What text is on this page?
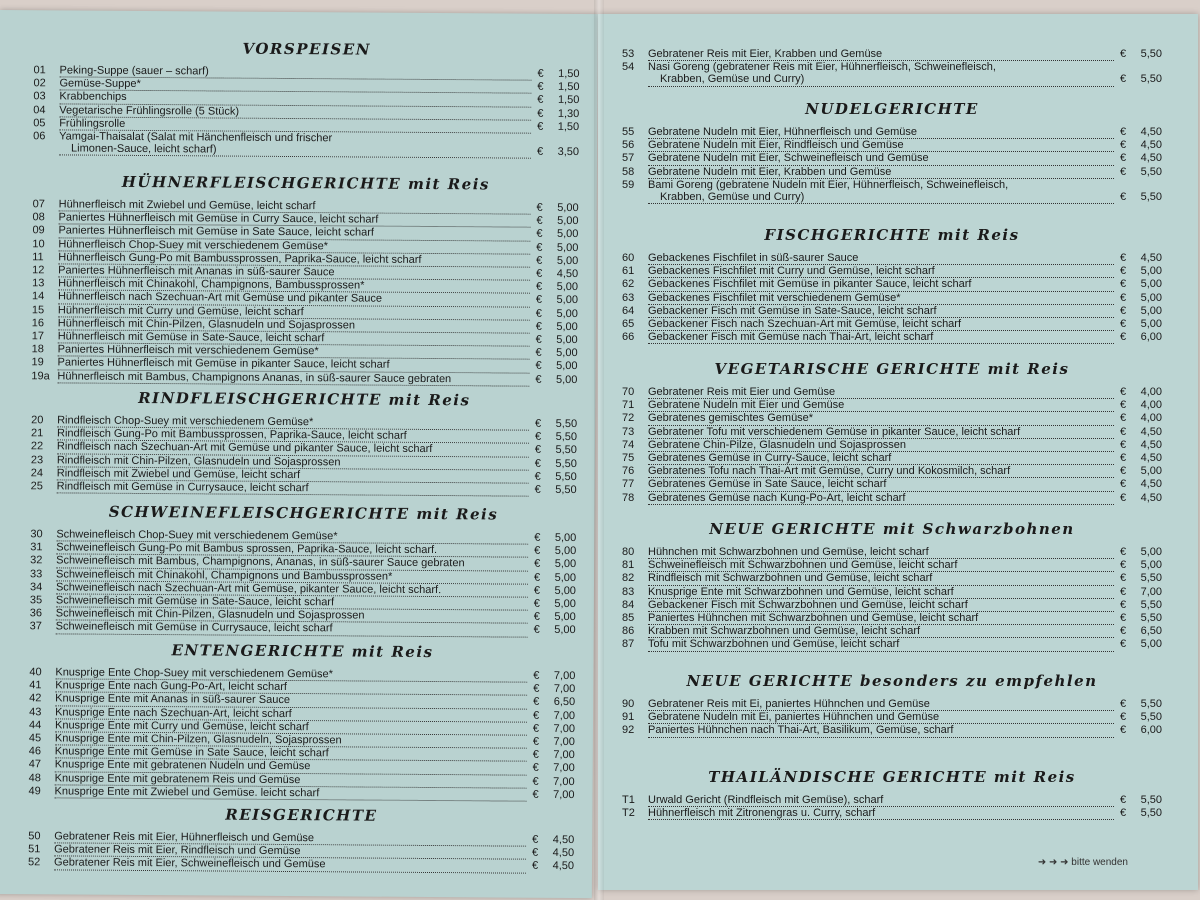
VORSPEISEN
01	Peking-Suppe (sauer – scharf)	€	1,50
02	Gemüse-Suppe*	€	1,50
03	Krabbenchips	€	1,50
04	Vegetarische Frühlingsrolle (5 Stück)	€	1,30
05	Frühlingsrolle	€	1,50
06	Yamgai-Thaisalat (Salat mit Hänchenfleisch und frischer
Limonen-Sauce, leicht scharf)	€	3,50
HÜHNERFLEISCHGERICHTE mit Reis
07	Hühnerfleisch mit Zwiebel und Gemüse, leicht scharf	€	5,00
08	Paniertes Hühnerfleisch mit Gemüse in Curry Sauce, leicht scharf	€	5,00
09	Paniertes Hühnerfleisch mit Gemüse in Sate Sauce, leicht scharf	€	5,00
10	Hühnerfleisch Chop-Suey mit verschiedenem Gemüse*	€	5,00
11	Hühnerfleisch Gung-Po mit Bambussprossen, Paprika-Sauce, leicht scharf	€	5,00
12	Paniertes Hühnerfleisch mit Ananas in süß-saurer Sauce	€	4,50
13	Hühnerfleisch mit Chinakohl, Champignons, Bambussprossen*	€	5,00
14	Hühnerfleisch nach Szechuan-Art mit Gemüse und pikanter Sauce	€	5,00
15	Hühnerfleisch mit Curry und Gemüse, leicht scharf	€	5,00
16	Hühnerfleisch mit Chin-Pilzen, Glasnudeln und Sojasprossen	€	5,00
17	Hühnerfleisch mit Gemüse in Sate-Sauce, leicht scharf	€	5,00
18	Paniertes Hühnerfleisch mit verschiedenem Gemüse*	€	5,00
19	Paniertes Hühnerfleisch mit Gemüse in pikanter Sauce, leicht scharf	€	5,00
19a Hühnerfleisch mit Bambus, Champignons Ananas, in süß-saurer Sauce gebraten	€	5,00
RINDFLEISCHGERICHTE mit Reis
20	Rindfleisch Chop-Suey mit verschiedenem Gemüse*	€	5,50
21	Rindfleisch Gung-Po mit Bambussprossen, Paprika-Sauce, leicht scharf	€	5,50
22	Rindfleisch nach Szechuan-Art mit Gemüse und pikanter Sauce, leicht scharf	€	5,50
23	Rindfleisch mit Chin-Pilzen, Glasnudeln und Sojasprossen	€	5,50
24	Rindfleisch mit Zwiebel und Gemüse, leicht scharf	€	5,50
25	Rindfleisch mit Gemüse in Currysauce, leicht scharf	€	5,50
SCHWEINEFLEISCHGERICHTE mit Reis
30	Schweinefleisch Chop-Suey mit verschiedenem Gemüse*	€	5,00
31	Schweinefleisch Gung-Po mit Bambus sprossen, Paprika-Sauce, leicht scharf.	€	5,00
32	Schweinefleisch mit Bambus, Champignons, Ananas, in süß-saurer Sauce gebraten	€	5,00
33	Schweinefleisch mit Chinakohl, Champignons und Bambussprossen*	€	5,00
34	Schweinefleisch nach Szechuan-Art mit Gemüse, pikanter Sauce, leicht scharf.	€	5,00
35	Schweinefleisch mit Gemüse in Sate-Sauce, leicht scharf	€	5,00
36	Schweinefleisch mit Chin-Pilzen, Glasnudeln und Sojasprossen	€	5,00
37	Schweinefleisch mit Gemüse in Currysauce, leicht scharf	€	5,00
ENTENGERICHTE mit Reis
40	Knusprige Ente Chop-Suey mit verschiedenem Gemüse*	€	7,00
41	Knusprige Ente nach Gung-Po-Art, leicht scharf	€	7,00
42	Knusprige Ente mit Ananas in süß-saurer Sauce	€	6,50
43	Knusprige Ente nach Szechuan-Art, leicht scharf	€	7,00
44	Knusprige Ente mit Curry und Gemüse, leicht scharf	€	7,00
45	Knusprige Ente mit Chin-Pilzen, Glasnudeln, Sojasprossen	€	7,00
46	Knusprige Ente mit Gemüse in Sate Sauce, leicht scharf	€	7,00
47	Knusprige Ente mit gebratenen Nudeln und Gemüse	€	7,00
48	Knusprige Ente mit gebratenem Reis und Gemüse	€	7,00
49	Knusprige Ente mit Zwiebel und Gemüse. leicht scharf	€	7,00
REISGERICHTE
50	Gebratener Reis mit Eier, Hühnerfleisch und Gemüse	€	4,50
51	Gebratener Reis mit Eier, Rindfleisch und Gemüse	€	4,50
52	Gebratener Reis mit Eier, Schweinefleisch und Gemüse	€	4,50
53	Gebratener Reis mit Eier, Krabben und Gemüse	€	5,50
54	Nasi Goreng (gebratener Reis mit Eier, Hühnerfleisch, Schweinefleisch,
Krabben, Gemüse und Curry)	€	5,50
NUDELGERICHTE
55	Gebratene Nudeln mit Eier, Hühnerfleisch und Gemüse	€	4,50
56	Gebratene Nudeln mit Eier, Rindfleisch und Gemüse	€	4,50
57	Gebratene Nudeln mit Eier, Schweinefleisch und Gemüse	€	4,50
58	Gebratene Nudeln mit Eier, Krabben und Gemüse	€	5,50
59	Bami Goreng (gebratene Nudeln mit Eier, Hühnerfleisch, Schweinefleisch,
Krabben, Gemüse und Curry)	€	5,50
FISCHGERICHTE mit Reis
60	Gebackenes Fischfilet in süß-saurer Sauce	€	4,50
61	Gebackenes Fischfilet mit Curry und Gemüse, leicht scharf	€	5,00
62	Gebackenes Fischfilet mit Gemüse in pikanter Sauce, leicht scharf	€	5,00
63	Gebackenes Fischfilet mit verschiedenem Gemüse*	€	5,00
64	Gebackener Fisch mit Gemüse in Sate-Sauce, leicht scharf	€	5,00
65	Gebackener Fisch nach Szechuan-Art mit Gemüse, leicht scharf	€	5,00
66	Gebackener Fisch mit Gemüse nach Thai-Art, leicht scharf	€	6,00
VEGETARISCHE GERICHTE mit Reis
70	Gebratener Reis mit Eier und Gemüse	€	4,00
71	Gebratene Nudeln mit Eier und Gemüse	€	4,00
72	Gebratenes gemischtes Gemüse*	€	4,00
73	Gebratener Tofu mit verschiedenem Gemüse in pikanter Sauce, leicht scharf	€	4,50
74	Gebratene Chin-Pilze, Glasnudeln und Sojasprossen	€	4,50
75	Gebratenes Gemüse in Curry-Sauce, leicht scharf	€	4,50
76	Gebratenes Tofu nach Thai-Art mit Gemüse, Curry und Kokosmilch, scharf	€	5,00
77	Gebratenes Gemüse in Sate Sauce, leicht scharf	€	4,50
78	Gebratenes Gemüse nach Kung-Po-Art, leicht scharf	€	4,50
NEUE GERICHTE mit Schwarzbohnen
80	Hühnchen mit Schwarzbohnen und Gemüse, leicht scharf	€	5,00
81	Schweinefleisch mit Schwarzbohnen und Gemüse, leicht scharf	€	5,00
82	Rindfleisch mit Schwarzbohnen und Gemüse, leicht scharf	€	5,50
83	Knusprige Ente mit Schwarzbohnen und Gemüse, leicht scharf	€	7,00
84	Gebackener Fisch mit Schwarzbohnen und Gemüse, leicht scharf	€	5,50
85	Paniertes Hühnchen mit Schwarzbohnen und Gemüse, leicht scharf	€	5,50
86	Krabben mit Schwarzbohnen und Gemüse, leicht scharf	€	6,50
87	Tofu mit Schwarzbohnen und Gemüse, leicht scharf	€	5,00
NEUE GERICHTE besonders zu empfehlen
90	Gebratener Reis mit Ei, paniertes Hühnchen und Gemüse	€	5,50
91	Gebratene Nudeln mit Ei, paniertes Hühnchen und Gemüse	€	5,50
92	Paniertes Hühnchen nach Thai-Art, Basilikum, Gemüse, scharf	€	6,00
THAILÄNDISCHE GERICHTE mit Reis
T1	Urwald Gericht (Rindfleisch mit Gemüse), scharf	€	5,50
T2	Hühnerfleisch mit Zitronengras u. Curry, scharf	€	5,50
➜ ➜ ➜ bitte wenden
